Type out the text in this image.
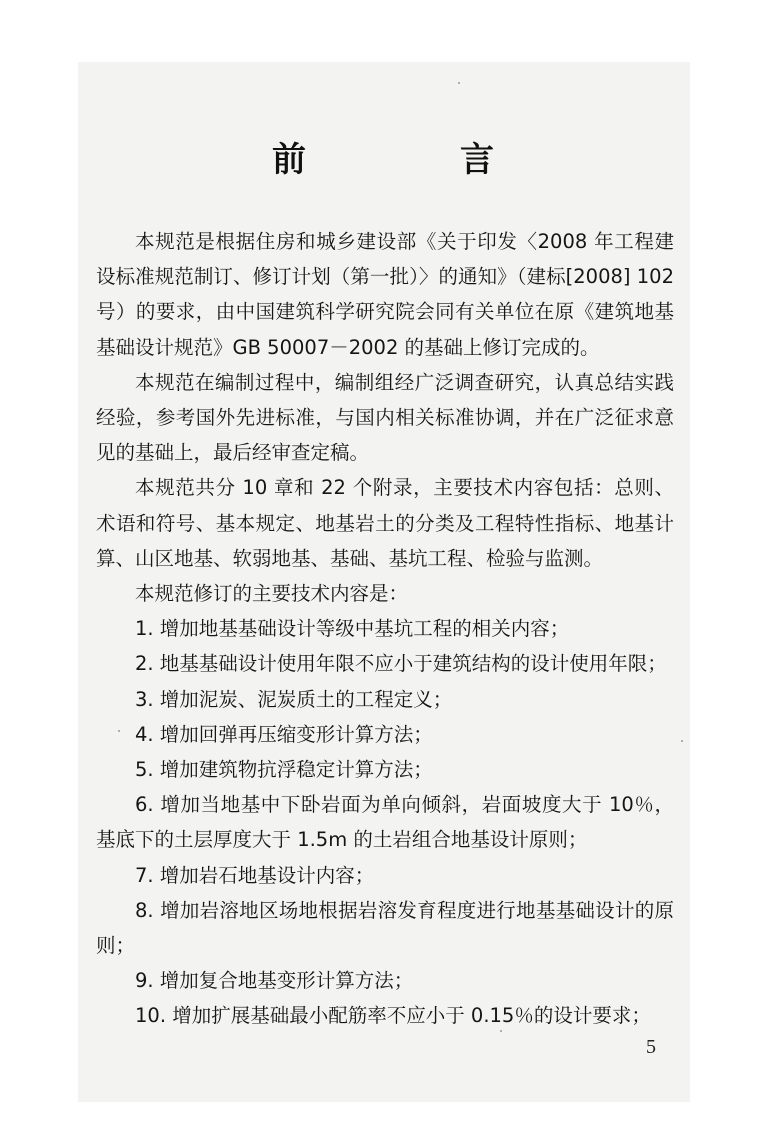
前　言

本规范是根据住房和城乡建设部《关于印发〈2008 年工程建设标准规范制订、修订计划（第一批）〉的通知》（建标[2008] 102 号）的要求，由中国建筑科学研究院会同有关单位在原《建筑地基基础设计规范》GB 50007－2002 的基础上修订完成的。

本规范在编制过程中，编制组经广泛调查研究，认真总结实践经验，参考国外先进标准，与国内相关标准协调，并在广泛征求意见的基础上，最后经审查定稿。

本规范共分 10 章和 22 个附录，主要技术内容包括：总则、术语和符号、基本规定、地基岩土的分类及工程特性指标、地基计算、山区地基、软弱地基、基础、基坑工程、检验与监测。

本规范修订的主要技术内容是：

1. 增加地基基础设计等级中基坑工程的相关内容；

2. 地基基础设计使用年限不应小于建筑结构的设计使用年限；

3. 增加泥炭、泥炭质土的工程定义；

4. 增加回弹再压缩变形计算方法；

5. 增加建筑物抗浮稳定计算方法；

6. 增加当地基中下卧岩面为单向倾斜，岩面坡度大于 10％，基底下的土层厚度大于 1.5m 的土岩组合地基设计原则；

7. 增加岩石地基设计内容；

8. 增加岩溶地区场地根据岩溶发育程度进行地基基础设计的原则；

9. 增加复合地基变形计算方法；

10. 增加扩展基础最小配筋率不应小于 0.15％的设计要求；

5
